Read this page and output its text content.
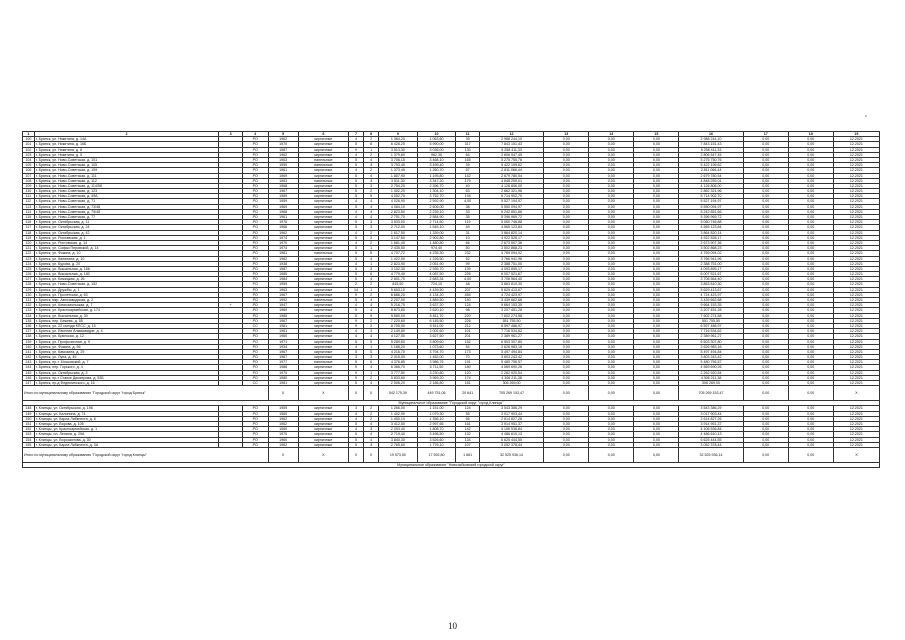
2
1	2	3	4	5	6	7	8	9	10	11	12	13	14	15	16	17	18	19
100	г. Брянск, ул. Никитина, д. 14А		РО	1962	кирпичные	4	2	1 364,20	1 063,60	39	2 988 244,10	0,00	0,00	0,00	2 988 244,10	0,00	0,00	12.2021
101	г. Брянск, ул. Никитина, д. 16Б		РО	1970	кирпичные	5	8	6 428,25	5 990,00	317	7 843 151,43	0,00	0,00	0,00	7 843 151,43	0,00	0,00	12.2021
102	г. Брянск, ул. Никитина, д. 8		РО	1987	кирпичные	9	1	3 513,30	3 036,00	130	5 258 411,33	0,00	0,00	0,00	5 258 411,33	0,00	0,00	12.2021
103	г. Брянск, ул. Никитина, д. 5		РО	1962	кирпичные	4	2	1 379,60	962,30	64	2 806 547,45	0,00	0,00	0,00	2 806 547,45	0,00	0,00	12.2021
104	г. Брянск, ул. Ново-Советская, д. 101		РО	1963	панельные	5	4	3 706,15	3 468,10	165	5 275 750,76	0,00	0,00	0,00	5 275 750,76	0,00	0,00	12.2021
105	г. Брянск, ул. Ново-Советская, д. 105		РО	1959	панельные	5	4	3 793,40	3 499,40	39	5 422 199,62	0,00	0,00	0,00	5 422 199,62	0,00	0,00	12.2021
106	г. Брянск, ул. Ново-Советская, д. 109		РО	1961	кирпичные	4	2	1 373,45	1 260,70	57	2 811 066,44	0,00	0,00	0,00	2 811 066,44	0,00	0,00	12.2021
107	г. Брянск, ул. Ново-Советская, д. 111		РО	1969	кирпичные	5	4	1 807,90	1 195,80	142	2 679 780,54	0,00	0,00	0,00	2 679 780,54	0,00	0,00	12.2021
108	г. Брянск, ул. Ново-Советская, д. 112		РО	1963	панельные	5	4	3 511,30	3 347,20	179	4 848 259,01	0,00	0,00	0,00	4 848 259,01	0,00	0,00	12.2021
109	г. Брянск, ул. Ново-Советская, д. 114/58		РО	1968	кирпичные	5	3	2 754,20	2 396,70	40	4 126 806,00	0,00	0,00	0,00	4 126 806,00	0,00	0,00	12.2021
110	г. Брянск, ул. Ново-Советская, д. 123		РО	1967	кирпичные	5	2	1 402,20	1 304,10	63	2 862 321,96	0,00	0,00	0,00	2 862 321,96	0,00	0,00	12.2021
111	г. Брянск, ул. Ново-Советская, д. 49А		РО	1989	кирпичные	5	5	4 052,70	3 752,70	194	5 714 902,70	0,00	0,00	0,00	5 714 902,70	0,00	0,00	12.2021
112	г. Брянск, ул. Ново-Советская, д. 71		РО	1959	кирпичные	4	4	4 026,90	2 592,90	4,00	5 527 194,97	0,00	0,00	0,00	5 527 194,97	0,00	0,00	12.2021
113	г. Брянск, ул. Ново-Советская, д. 73/48		РО	1969	кирпичные	5	4	4 084,10	2 606,00	38	5 550 094,97	0,00	0,00	0,00	5 550 094,97	0,00	0,00	12.2021
114	г. Брянск, ул. Ново-Советская, д. 79/48		РО	1968	кирпичные	4	4	2 823,50	2 239,10	33	5 242 851,66	0,00	0,00	0,00	5 242 851,66	0,00	0,00	12.2021
115	г. Брянск, ул. Ново-Советская, д. 77		РО	1961	кирпичные	4	4	2 751,70	2 584,90	35	5 396 969,72	0,00	0,00	0,00	5 396 969,72	0,00	0,00	12.2021
116	г. Брянск, ул. Октябрьская, д. 11		РО	1976	кирпичные	5	3	3 533,00	2 714,50	119	5 060 746,88	0,00	0,00	0,00	5 060 746,88	0,00	0,00	12.2021
117	г. Брянск, ул. Октябрьская, д. 24		РО	1966	кирпичные	5	3	2 712,00	1 545,10	49	4 565 123,84	0,00	0,00	0,00	4 565 123,84	0,00	0,00	12.2021
118	г. Брянск, ул. Октябрьская, д. 42		РО	1962	кирпичные	4	2	1 617,50	1 339,00	31	3 864 820,14	0,00	0,00	0,00	3 864 820,14	0,00	0,00	12.2021
119	г. Брянск, ул. Рославская, д. 1		РО	1974	кирпичные	5	3	3 147,60	2 902,80	10	4 922 528,17	0,00	0,00	0,00	4 922 528,17	0,00	0,00	12.2021
120	г. Брянск, ул. Ростовская, д. 14		РО	1970	кирпичные	4	2	1 681,40	1 480,80	66	2 673 907,36	0,00	0,00	0,00	2 673 907,36	0,00	0,00	12.2021
121	г. Брянск, ул. Софьи Перовской, д. 14		РО	1974	кирпичные	5	1	2 435,50	974,40	50	3 502 868,23	0,00	0,00	0,00	3 502 868,23	0,00	0,00	12.2021
122	г. Брянск, ул. Фокина, д. 10		РО	1981	панельные	5	6	4 707,72	4 235,30	232	4 769 094,02	0,00	0,00	0,00	4 769 094,02	0,00	0,00	12.2021
123	г. Брянск, ул. Калинина, д. 10		РО	1982	кирпичные	5	4	1 422,50	1 226,50	52	3 766 941,96	0,00	0,00	0,00	3 766 941,96	0,00	0,00	12.2021
124	г. Брянск, ул. Бурова, д. 20		РО	1938	кирпичные	4	1	2 823,90	2 051,90	99	2 388 751,00	0,00	0,00	0,00	2 388 751,00	0,00	0,00	12.2021
125	г. Брянск, ул. Вокзальная, д. 166		РО	1987	кирпичные	5	3	3 152,30	2 935,70	139	4 093 895,17	0,00	0,00	0,00	4 093 895,17	0,00	0,00	12.2021
126	г. Брянск, ул. Вокзальная, д. 180		РО	1985	панельные	5	6	4 779,40	4 087,50	226	6 007 521,67	0,00	0,00	0,00	6 007 521,67	0,00	0,00	12.2021
127	г. Брянск, ул. Бежицкая, д. 26		РО	1984	кирпичные	5	4	2 801,70	2 683,34	4,00	3 706 564,40	0,00	0,00	0,00	3 706 564,40	0,00	0,00	12.2021
128	г. Брянск, ул. Ново-Советская, д. 152		РО	1959	кирпичные	2	2	815,50	724,10	48	3 863 810,30	0,00	0,00	0,00	3 863 810,30	0,00	0,00	12.2021
129	г. Брянск, ул. Дружбы, д. 1		РО	1963	кирпичные	14	1	5 603,10	4 439,50	207	5 629 413,67	0,00	0,00	0,00	5 629 413,67	0,00	0,00	12.2021
130	г. Брянск, ул. Пролетская, д. 63		РО	1967	кирпичные	9	2	6 686,20	4 134,20	454	4 724 423,97	0,00	0,00	0,00	4 724 423,97	0,00	0,00	12.2021
131	г. Брянск, мкр. Автозаводская, д. 2		РО	1992	панельные	5	4	2 207,00	1 889,50	140	3 439 662,68	0,00	0,00	0,00	3 439 662,68	0,00	0,00	12.2021
132	г. Брянск, ул. Комсомольская, д. 7	+	РО	1947	кирпичные	4	4	5 216,75	3 637,20	124	9 664 153,35	0,00	0,00	0,00	9 664 153,35	0,00	0,00	12.2021
133	г. Брянск, ул. Красноармейская, д. 174		РО	1980	кирпичные	5	4	5 873,80	2 620,10	98	3 207 451,28	0,00	0,00	0,00	3 207 451,28	0,00	0,00	12.2021
134	г. Брянск, ул. Вокзальная, д. 30		РО	1985	кирпичные	5	9	5 580,00	5 811,70	220	7 602 274,58	0,00	0,00	0,00	7 602 274,58	0,00	0,00	12.2021
135	г. Брянск, пер. Бежевь, д. 55		РО	1967	кирпичные	9	2	7 220,60	6 145,50	226	551 755,50	0,00	0,00	0,00	551 755,50	0,00	0,00	12.2021
136	г. Брянск, ул. 22 съезда КПСС, д. 15		СС	1981	кирпичные	9	3	8 705,00	5 511,00	212	6 597 486,97	0,00	0,00	0,00	6 597 486,97	0,00	0,00	12.2021
137	г. Брянск, ул. Евсения Алмашвидзе, д. 4		РО	1961	кирпичные	4	3	2 149,80	2 002,60	101	7 716 534,62	0,00	0,00	0,00	7 716 534,62	0,00	0,00	12.2021
138	г. Брянск, ул. Брянская, д. 12		РО	1960	кирпичные	4	4	4 127,50	3 627,50	201	2 389 961,27	0,00	0,00	0,00	2 389 961,27	0,00	0,00	12.2021
139	г. Брянск, ул. Профсоюзная, д. 9		РО	1971	кирпичные	5	5	5 289,60	3 809,60	152	6 503 307,80	0,00	0,00	0,00	6 503 307,80	0,00	0,00	12.2021
140	г. Брянск, ул. Фокина, д. 56		РО	1934	кирпичные	4	1	1 188,20	1 073,60	54	2 626 983,16	0,00	0,00	0,00	2 626 983,16	0,00	0,00	12.2021
141	г. Брянск, ул. Камозина, д. 29		РО	1967	кирпичные	5	5	4 216,70	3 794,70	173	5 497 494,84	0,00	0,00	0,00	5 497 494,84	0,00	0,00	12.2021
142	г. Брянск, ул. Луна, д. 49		РО	1967	кирпичные	3	3	2 015,00	1 452,00	70	3 803 243,42	0,00	0,00	0,00	3 803 243,42	0,00	0,00	12.2021
143	г. Брянск, пр-т. Московский, д. 7		РО	1977	панельные	5	6	4 376,85	3 986,76	191	5 480 756,57	0,00	0,00	0,00	5 480 756,57	0,00	0,00	12.2021
144	г. Брянск, пер. Горького, д. 4		РО	1986	кирпичные	9	4	6 366,70	5 711,50	180	4 569 690,26	0,00	0,00	0,00	4 569 690,26	0,00	0,00	12.2021
145	г. Брянск, ул. Октябрьская, д. 3		РО	1970	кирпичные	9	1	3 777,50	3 230,80	120	2 262 920,54	0,00	0,00	0,00	2 262 920,54	0,00	0,00	12.2021
146	г. Брянск, пр-т Станке Димитрова, д. 53Б		РО	1980	кирпичные	9	2	5 833,60	3 969,20	174	4 306 211,38	0,00	0,00	0,00	4 306 211,38	0,00	0,00	12.2021
147	г. Брянск, пр-д Федюнинского, д. 16		СС	1981	кирпичные	5	4	2 506,20	2 186,80	161	306 269,00	0,00	0,00	0,00	306 269,00	0,00	0,00	12.2021
Итого по муниципальному образованию "Городской округ "город Брянск"				X	X	X	X	542 175,39	449 751,06	20 641	705 269 153,47	0,00	0,00	0,00	705 269 153,47	0,00	0,00	X
Муниципальное образование "Городской округ "город Клинцы"																		
148	г. Клинцы, ул. Октябрьская, д. 196		РО	1959	кирпичные	3	2	1 266,00	1 151,00	124	3 543 386,29	0,00	0,00	0,00	3 543 386,29	0,00	0,00	12.2021
149	г. Клинцы, ул. Калинина, д. 74		РО	1960	кирпичные	4	2	1 402,90	1 079,30	55	3 017 903,44	0,00	0,00	0,00	3 017 903,44	0,00	0,00	12.2021
150	г. Клинцы, ул. Карла Либкнехта, д. 6		РО	1962	кирпичные	4	2	1 450,10	1 356,10	56	2 614 827,26	0,00	0,00	0,00	2 614 827,26	0,00	0,00	12.2021
151	г. Клинцы, ул. Ворова, д. 106		РО	1962	кирпичные	5	4	3 412,50	2 997,66	161	3 914 951,37	0,00	0,00	0,00	3 914 951,37	0,00	0,00	12.2021
152	г. Клинцы, ул. Красноармейская, д. 1		РО	1960	кирпичные	4	3	2 093,40	1 808,70	142	4 106 536,84	0,00	0,00	0,00	4 106 536,84	0,00	0,00	12.2021
153	г. Клинцы, пл. Ленина, д. 29А		РО	1970	кирпичные	5	4	2 719,40	3 496,50	132	4 486 610,13	0,00	0,00	0,00	4 486 610,13	0,00	0,00	12.2021
154	г. Клинцы, ул. Ворошилова, д. 30		РО	1960	кирпичные	5	4	3 840,30	3 526,60	134	6 625 444,55	0,00	0,00	0,00	6 625 444,55	0,00	0,00	12.2021
155	г. Клинцы, ул. Карла Либкнехта, д. 3А		РО	1962	кирпичные	5	4	2 765,60	1 776,10	107	3 052 378,44	0,00	0,00	0,00	3 052 378,44	0,00	0,00	12.2021
Итого по муниципальному образованию "Городской округ "город Клинцы"				X	X	X	X	19 573,50	17 592,80	1 681	32 525 936,14	0,00	0,00	0,00	32 525 936,14	0,00	0,00	X
Муниципальное образование "Новозыбковский городской округ"																		
10
